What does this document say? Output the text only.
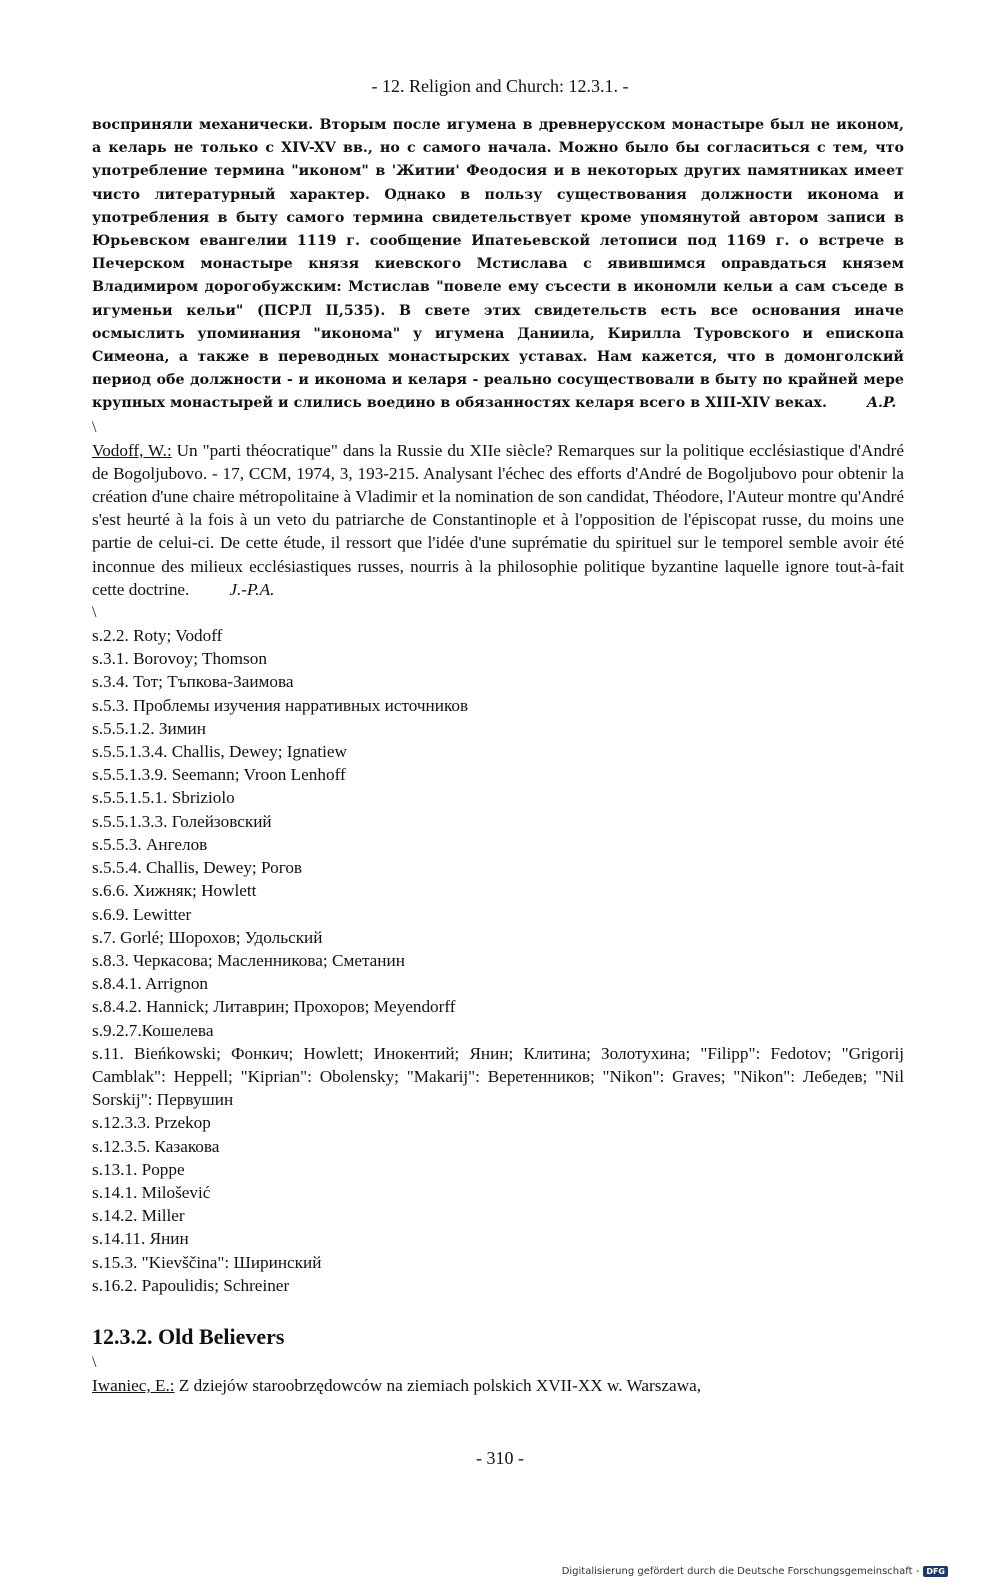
- 12. Religion and Church: 12.3.1. -

восприняли механически. Вторым после игумена в древнерусском монастыре был не иконом, а келарь не только с XIV-XV вв., но с самого начала. Можно было бы согласиться с тем, что употребление термина "иконом" в 'Житии' Феодосия и в некоторых других памятниках имеет чисто литературный характер. Однако в пользу существования должности иконома и употребления в быту самого термина свидетельствует кроме упомянутой автором записи в Юрьевском евангелии 1119 г. сообщение Ипатеьевской летописи под 1169 г. о встрече в Печерском монастыре князя киевского Мстислава с явившимся оправдаться князем Владимиром дорогобужским: Мстислав "повеле ему съсести в икономли кельи а сам съседе в игуменьи кельи" (ПСРЛ II,535). В свете этих свидетельств есть все основания иначе осмыслить упоминания "иконома" у игумена Даниила, Кирилла Туровского и епископа Симеона, а также в переводных монастырских уставах. Нам кажется, что в домонголский период обе должности - и иконома и келаря - реально сосуществовали в быту по крайней мере крупных монастырей и слились воедино в обязанностях келаря всего в XIII-XIV веках.	A.P.

\

Vodoff, W.: Un "parti théocratique" dans la Russie du XIIe siècle? Remarques sur la politique ecclésiastique d'André de Bogoljubovo. - 17, CCM, 1974, 3, 193-215. Analysant l'échec des efforts d'André de Bogoljubovo pour obtenir la création d'une chaire métropolitaine à Vladimir et la nomination de son candidat, Théodore, l'Auteur montre qu'André s'est heurté à la fois à un veto du patriarche de Constantinople et à l'opposition de l'épiscopat russe, du moins une partie de celui-ci. De cette étude, il ressort que l'idée d'une suprématie du spirituel sur le temporel semble avoir été inconnue des milieux ecclésiastiques russes, nourris à la philosophie politique byzantine laquelle ignore tout-à-fait cette doctrine. J.-P.A.

\
s.2.2. Roty; Vodoff
s.3.1. Borovoy; Thomson
s.3.4. Тот; Тъпкова-Заимова
s.5.3. Проблемы изучения нарративных источников
s.5.5.1.2. Зимин
s.5.5.1.3.4. Challis, Dewey; Ignatiew
s.5.5.1.3.9. Seemann; Vroon Lenhoff
s.5.5.1.5.1. Sbriziolo
s.5.5.1.3.3. Голейзовский
s.5.5.3. Ангелов
s.5.5.4. Challis, Dewey; Рогов
s.6.6. Хижняк; Howlett
s.6.9. Lewitter
s.7. Gorlé; Шорохов; Удольский
s.8.3. Черкасова; Масленникова; Сметанин
s.8.4.1. Arrignon
s.8.4.2. Hannick; Литаврин; Прохоров; Meyendorff
s.9.2.7.Кошелева
s.11. Bieńkowski; Фонкич; Howlett; Инокентий; Янин; Клитина; Золотухина; "Filipp": Fedotov; "Grigorij Camblak": Heppell; "Kiprian": Obolensky; "Makarij": Веретенников; "Nikon": Graves; "Nikon": Лебедев; "Nil Sorskij": Первушин
s.12.3.3. Przekop
s.12.3.5. Казакова
s.13.1. Poppe
s.14.1. Milošević
s.14.2. Miller
s.14.11. Янин
s.15.3. "Kievščina": Ширинский
s.16.2. Papoulidis; Schreiner
12.3.2. Old Believers
\

Iwaniec, E.: Z dziejów staroobrzędowców na ziemiach polskich XVII-XX w. Warszawa,

- 310 -
Digitalisierung gefördert durch die Deutsche Forschungsgemeinschaft - DFG
